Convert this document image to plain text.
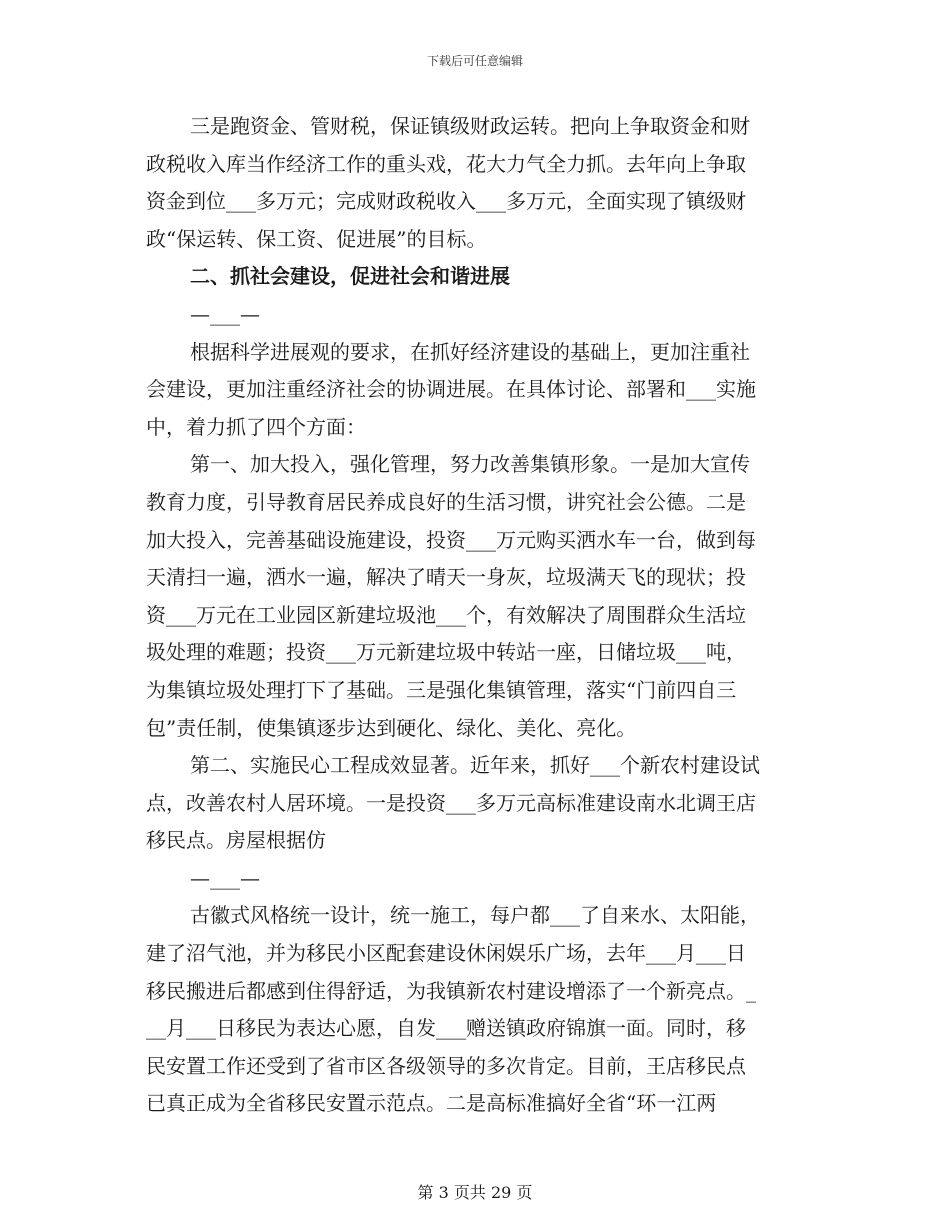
下载后可任意编辑
三是跑资金、管财税，保证镇级财政运转。把向上争取资金和财
政税收入库当作经济工作的重头戏，花大力气全力抓。去年向上争取
资金到位___多万元；完成财政税收入___多万元，全面实现了镇级财
政“保运转、保工资、促进展”的目标。
二、抓社会建设，促进社会和谐进展
—___—
根据科学进展观的要求，在抓好经济建设的基础上，更加注重社
会建设，更加注重经济社会的协调进展。在具体讨论、部署和___实施
中，着力抓了四个方面：
第一、加大投入，强化管理，努力改善集镇形象。一是加大宣传
教育力度，引导教育居民养成良好的生活习惯，讲究社会公德。二是
加大投入，完善基础设施建设，投资___万元购买洒水车一台，做到每
天清扫一遍，洒水一遍，解决了晴天一身灰，垃圾满天飞的现状；投
资___万元在工业园区新建垃圾池___个，有效解决了周围群众生活垃
圾处理的难题；投资___万元新建垃圾中转站一座，日储垃圾___吨，
为集镇垃圾处理打下了基础。三是强化集镇管理，落实“门前四自三
包”责任制，使集镇逐步达到硬化、绿化、美化、亮化。
第二、实施民心工程成效显著。近年来，抓好___个新农村建设试
点，改善农村人居环境。一是投资___多万元高标准建设南水北调王店
移民点。房屋根据仿
—___—
古徽式风格统一设计，统一施工，每户都___了自来水、太阳能，
建了沼气池，并为移民小区配套建设休闲娱乐广场，去年___月___日
移民搬进后都感到住得舒适，为我镇新农村建设增添了一个新亮点。_
__月___日移民为表达心愿，自发___赠送镇政府锦旗一面。同时，移
民安置工作还受到了省市区各级领导的多次肯定。目前，王店移民点
已真正成为全省移民安置示范点。二是高标准搞好全省“环一江两
第 3 页共 29 页
